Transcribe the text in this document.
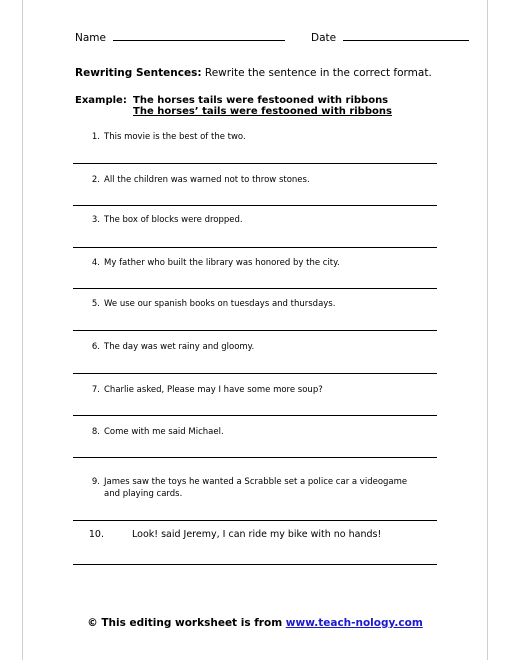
Name	Date
Rewriting Sentences: Rewrite the sentence in the correct format.
Example: The horses tails were festooned with ribbons
The horses’ tails were festooned with ribbons
1. This movie is the best of the two.
2. All the children was warned not to throw stones.
3. The box of blocks were dropped.
4. My father who built the library was honored by the city.
5. We use our spanish books on tuesdays and thursdays.
6. The day was wet rainy and gloomy.
7. Charlie asked, Please may I have some more soup?
8. Come with me said Michael.
9. James saw the toys he wanted a Scrabble set a police car a videogame
and playing cards.
10.	Look! said Jeremy, I can ride my bike with no hands!
© This editing worksheet is from www.teach-nology.com
